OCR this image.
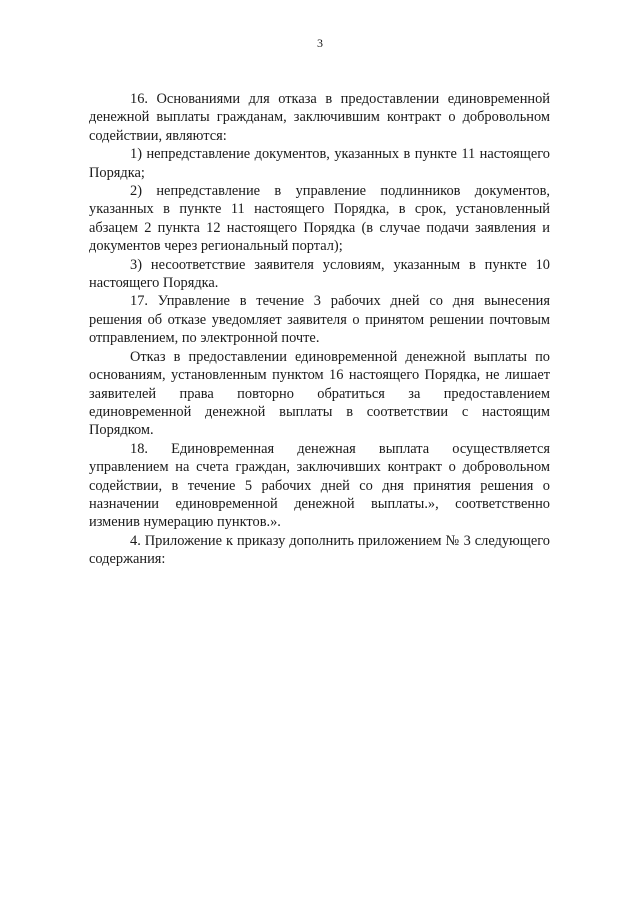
3

16. Основаниями для отказа в предоставлении единовременной денежной выплаты гражданам, заключившим контракт о добровольном содействии, являются:

1) непредставление документов, указанных в пункте 11 настоящего Порядка;

2) непредставление в управление подлинников документов, указанных в пункте 11 настоящего Порядка, в срок, установленный абзацем 2 пункта 12 настоящего Порядка (в случае подачи заявления и документов через региональный портал);

3) несоответствие заявителя условиям, указанным в пункте 10 настоящего Порядка.

17. Управление в течение 3 рабочих дней со дня вынесения решения об отказе уведомляет заявителя о принятом решении почтовым отправлением, по электронной почте.

Отказ в предоставлении единовременной денежной выплаты по основаниям, установленным пунктом 16 настоящего Порядка, не лишает заявителей права повторно обратиться за предоставлением единовременной денежной выплаты в соответствии с настоящим Порядком.

18. Единовременная денежная выплата осуществляется управлением на счета граждан, заключивших контракт о добровольном содействии, в течение 5 рабочих дней со дня принятия решения о назначении единовременной денежной выплаты.», соответственно изменив нумерацию пунктов.».

4. Приложение к приказу дополнить приложением № 3 следующего содержания:
